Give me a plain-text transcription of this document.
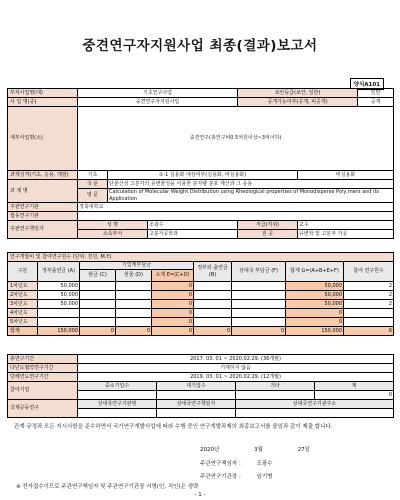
중견연구자지원사업 최종(결과)보고서
양식A101
부처사업명(대)	기초연구사업			보안등급(보안, 일반)		일반
사 업 명(중)	중견연구자지원사업			공개가능여부(공개, 비공개)		공개
세부사업명(소)	중견연구(총연구비0.5억원이상~3억이하)					
과제성격(기초, 응용, 개발)	기초	①-1 실용화 대상여부(실용화, 비실용화)			비실용화	
과 제 명	국 문	단분산성 고분자의 유변물성을 이용한 분자량 분포 계산과 그 응용				
	영 문	Calculation of Molecular Weight Distribution using Rheological properties of Monodisperse Poly,mers and its Application				
주관연구기관	경북대학교					
협동연구기관						
주관연구책임자	성 명		조광수	직급(직위)	교수	
	소속부서		고분자공학과	전 공	유변학 및 고분자 가공	
연구개발비 및 참여연구원수 (단위: 천원, M.Y)								
구분	정부출연금 (A)	기업체부담금			정부외 출연금 (B)	상대국 부담금 (F)	합계 G=(A+B+E+F)	참여 연구원수
		현금 (C)	현물 (D)	소계 E=(C+D)				
1차년도	50,000			0			50,000	2
2차년도	50,000			0			50,000	2
3차년도	50,000			0			50,000	2
4차년도				0			0	
5차년도				0			0	
합계	150,000	0	0	0	0	0	150,000	6
총연구기간	2017. 03. 01 ~ 2020.02.29. (36개월)			
다년도협약연구기간	기재하지 않음			
당해연도연구기간	2019. 03. 01 ~ 2020.02.29. (12개월)			
참여기업	중소기업수	대기업수	기타	계
				0
국제공동연구	상대국연구기관명	상대국연구책임자	상대국연구기관주소	

관계 규정과 모든 지시사항을 준수하면서 국가연구개발사업에 따라 수행 중인 연구개발과제의 최종보고서를 붙임과 같이 제출 합니다.
2020년	3월	27일
주관연구책임자 :	조광수
주관연구기관장 :	임기병
※ 전자접수이므로 주관연구책임자 및 주관연구기관장 서명(인, 직인)은 생략
- 1 -
